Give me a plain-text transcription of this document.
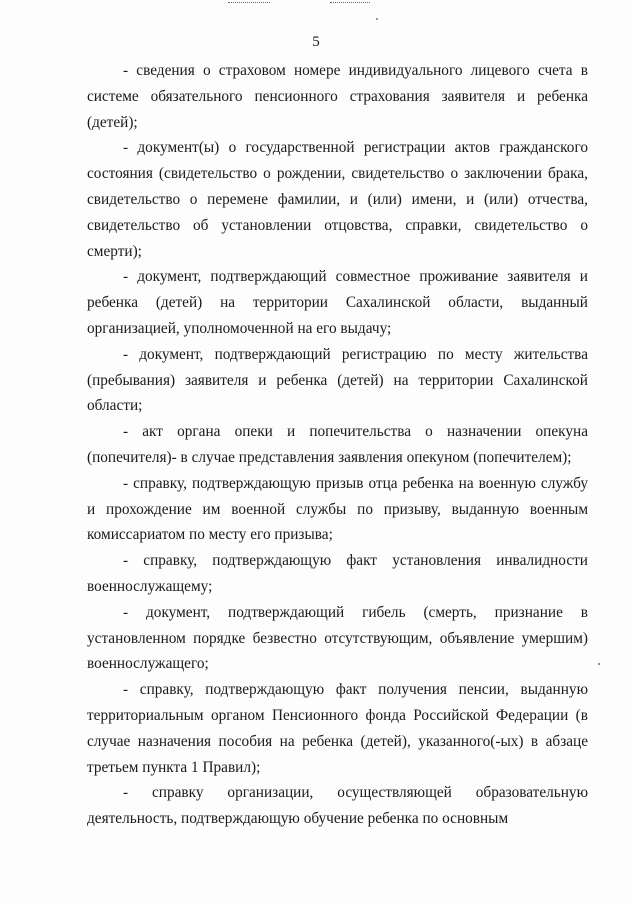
5

- сведения о страховом номере индивидуального лицевого счета в системе обязательного пенсионного страхования заявителя и ребенка (детей);

- документ(ы) о государственной регистрации актов гражданского состояния (свидетельство о рождении, свидетельство о заключении брака, свидетельство о перемене фамилии, и (или) имени, и (или) отчества, свидетельство об установлении отцовства, справки, свидетельство о смерти);

- документ, подтверждающий совместное проживание заявителя и ребенка (детей) на территории Сахалинской области, выданный организацией, уполномоченной на его выдачу;

- документ, подтверждающий регистрацию по месту жительства (пребывания) заявителя и ребенка (детей) на территории Сахалинской области;

- акт органа опеки и попечительства о назначении опекуна (попечителя)- в случае представления заявления опекуном (попечителем);

- справку, подтверждающую призыв отца ребенка на военную службу и прохождение им военной службы по призыву, выданную военным комиссариатом по месту его призыва;

- справку, подтверждающую факт установления инвалидности военнослужащему;

- документ, подтверждающий гибель (смерть, признание в установленном порядке безвестно отсутствующим, объявление умершим) военнослужащего;

- справку, подтверждающую факт получения пенсии, выданную территориальным органом Пенсионного фонда Российской Федерации (в случае назначения пособия на ребенка (детей), указанного(-ых) в абзаце третьем пункта 1 Правил);

- справку организации, осуществляющей образовательную деятельность, подтверждающую обучение ребенка по основным
